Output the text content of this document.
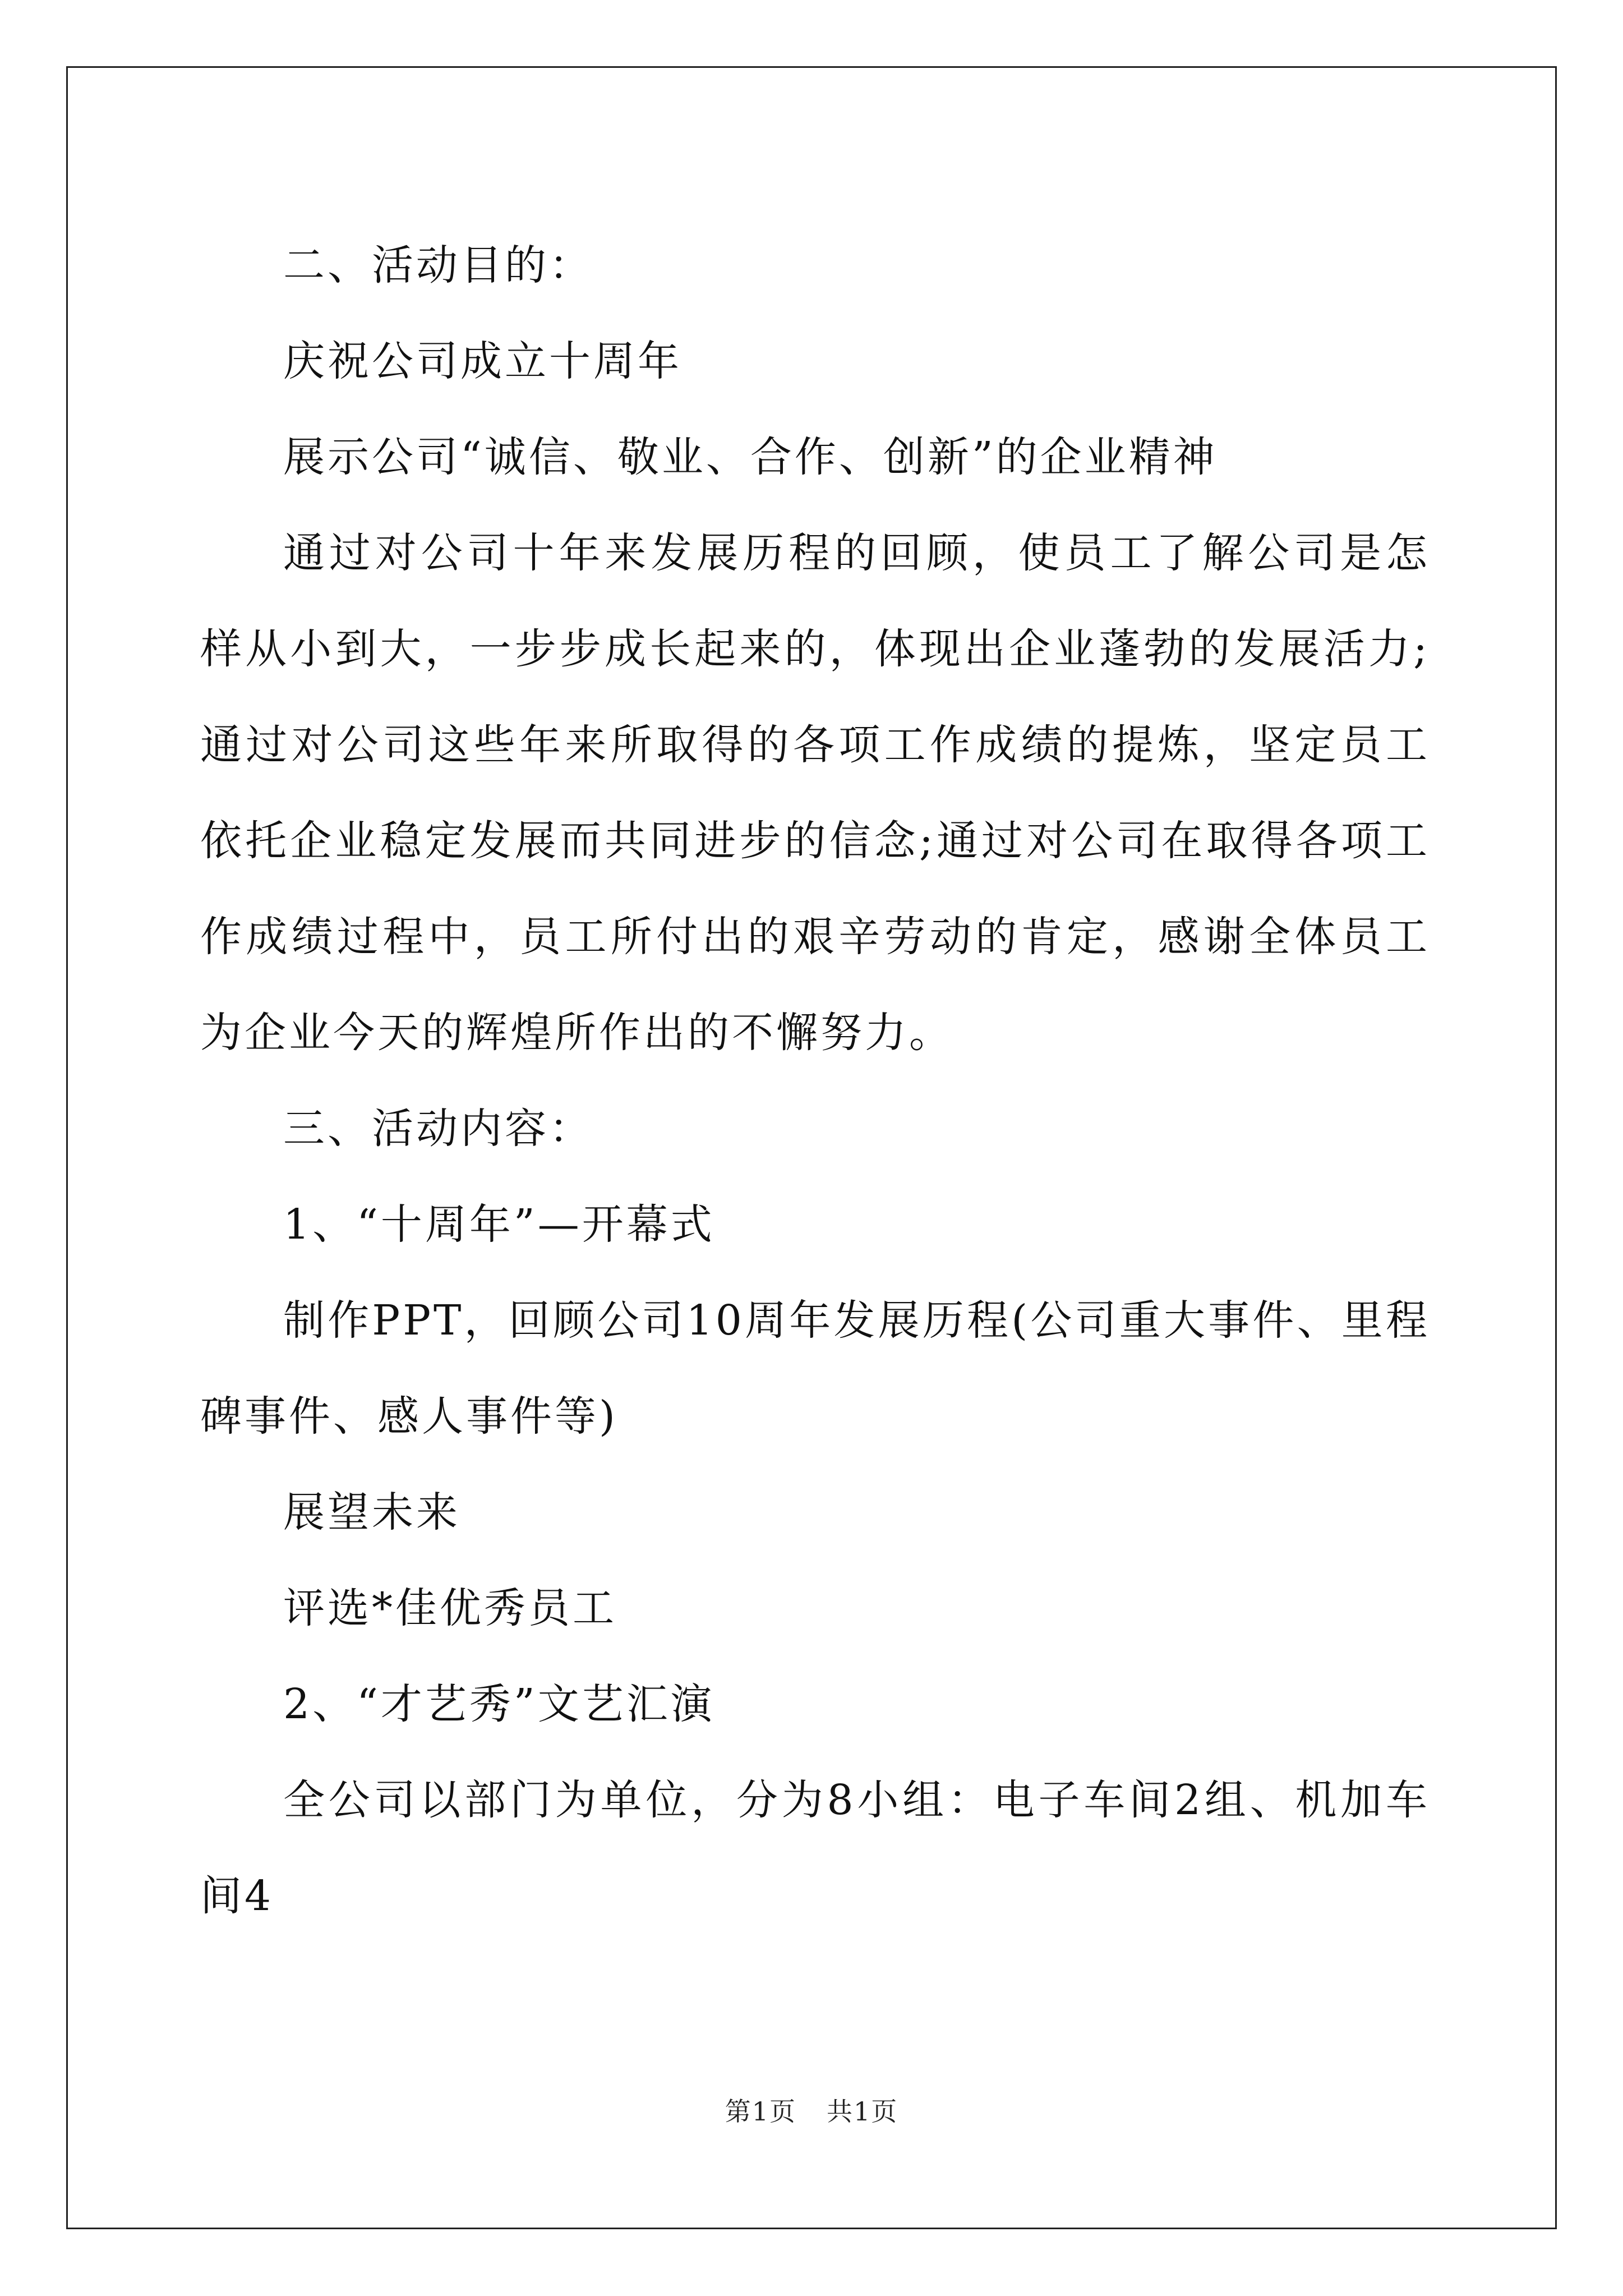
二、活动目的：

庆祝公司成立十周年

展示公司“诚信、敬业、合作、创新”的企业精神

通过对公司十年来发展历程的回顾，使员工了解公司是怎样从小到大，一步步成长起来的，体现出企业蓬勃的发展活力;通过对公司这些年来所取得的各项工作成绩的提炼，坚定员工依托企业稳定发展而共同进步的信念;通过对公司在取得各项工作成绩过程中，员工所付出的艰辛劳动的肯定，感谢全体员工为企业今天的辉煌所作出的不懈努力。

三、活动内容：

1、“十周年”—开幕式

制作PPT，回顾公司10周年发展历程(公司重大事件、里程碑事件、感人事件等)

展望未来

评选*佳优秀员工

2、“才艺秀”文艺汇演

全公司以部门为单位，分为8小组：电子车间2组、机加车间4

第1页 共1页
